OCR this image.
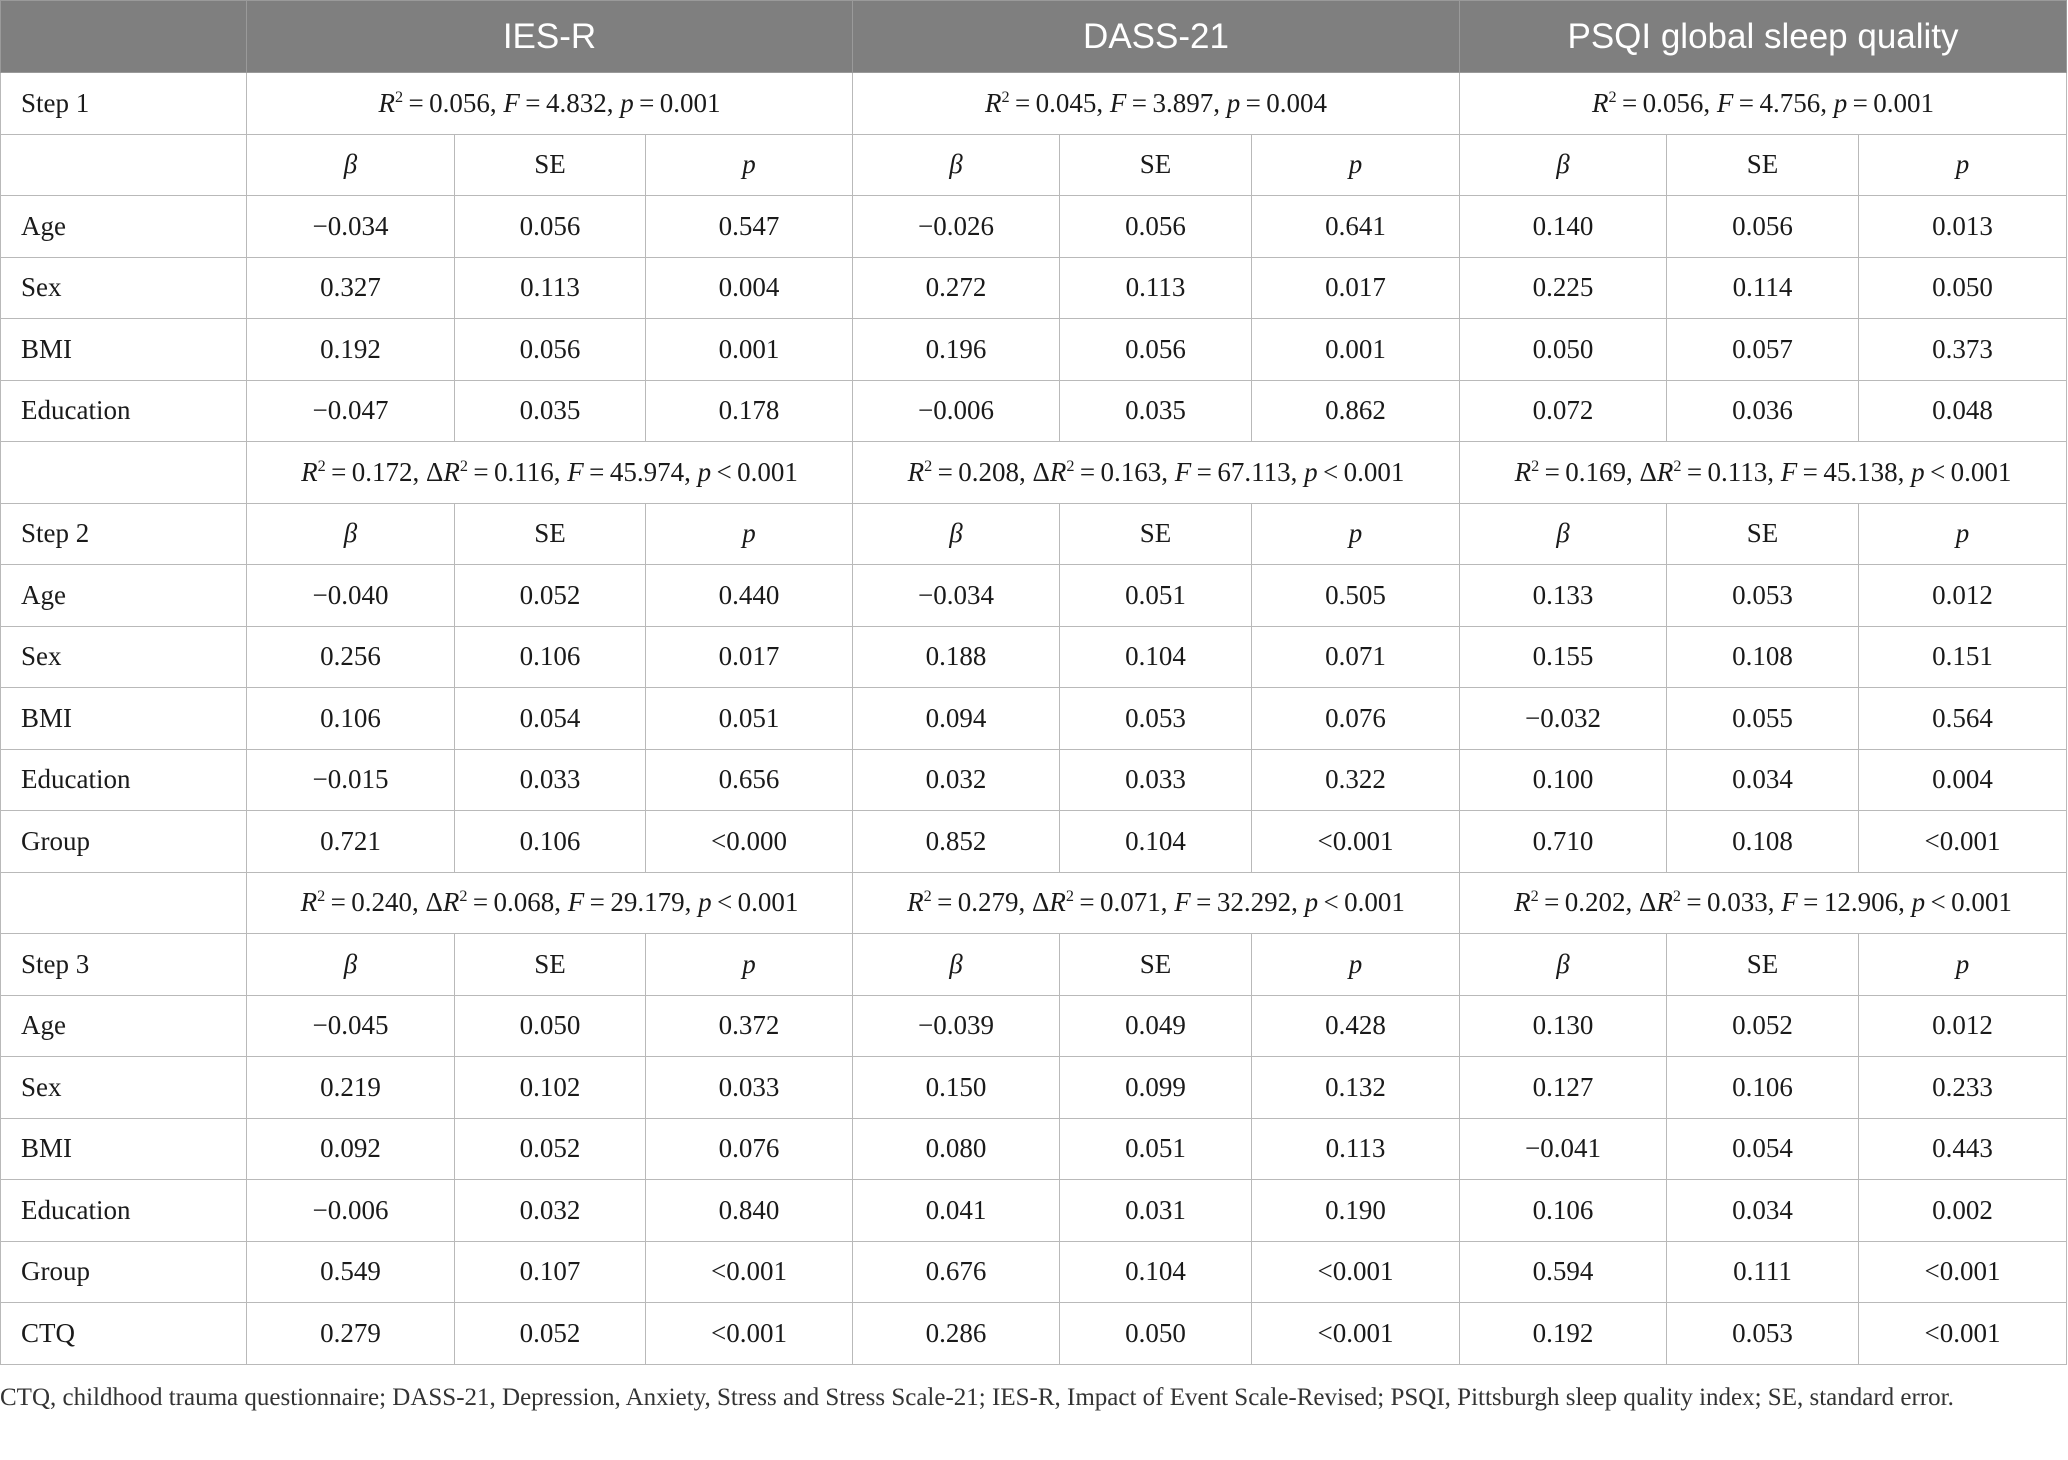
	IES-R			DASS-21			PSQI global sleep quality		
Step 1	$R^2 = 0.056$, F = 4.832, p  =  0.001			$R^2 = 0.045$, F = 3.897, p  =  0.004			$R^2 = 0.056$, F = 4.756, p  =  0.001		
	β	SE	p	β	SE	p	β	SE	p
Age	−0.034	0.056	0.547	−0.026	0.056	0.641	0.140	0.056	0.013
Sex	0.327	0.113	0.004	0.272	0.113	0.017	0.225	0.114	0.050
BMI	0.192	0.056	0.001	0.196	0.056	0.001	0.050	0.057	0.373
Education	−0.047	0.035	0.178	−0.006	0.035	0.862	0.072	0.036	0.048
	$R^2 = 0.172$, $\Delta R^2 = 0.116$, F = 45.974, p  <  0.001			$R^2 = 0.208$, $\Delta R^2 = 0.163$, F = 67.113, p  <  0.001			$R^2 = 0.169$, $\Delta R^2 = 0.113$, F = 45.138, p  <  0.001		
Step 2	β	SE	p	β	SE	p	β	SE	p
Age	−0.040	0.052	0.440	−0.034	0.051	0.505	0.133	0.053	0.012
Sex	0.256	0.106	0.017	0.188	0.104	0.071	0.155	0.108	0.151
BMI	0.106	0.054	0.051	0.094	0.053	0.076	−0.032	0.055	0.564
Education	−0.015	0.033	0.656	0.032	0.033	0.322	0.100	0.034	0.004
Group	0.721	0.106	<0.000	0.852	0.104	<0.001	0.710	0.108	<0.001
	$R^2 = 0.240$, $\Delta R^2 = 0.068$, F = 29.179, p  <  0.001			$R^2 = 0.279$, $\Delta R^2 = 0.071$, F = 32.292, p  <  0.001			$R^2 = 0.202$, $\Delta R^2 = 0.033$, F = 12.906, p  <  0.001		
Step 3	β	SE	p	β	SE	p	β	SE	p
Age	−0.045	0.050	0.372	−0.039	0.049	0.428	0.130	0.052	0.012
Sex	0.219	0.102	0.033	0.150	0.099	0.132	0.127	0.106	0.233
BMI	0.092	0.052	0.076	0.080	0.051	0.113	−0.041	0.054	0.443
Education	−0.006	0.032	0.840	0.041	0.031	0.190	0.106	0.034	0.002
Group	0.549	0.107	<0.001	0.676	0.104	<0.001	0.594	0.111	<0.001
CTQ	0.279	0.052	<0.001	0.286	0.050	<0.001	0.192	0.053	<0.001
CTQ, childhood trauma questionnaire; DASS-21, Depression, Anxiety, Stress and Stress Scale-21; IES-R, Impact of Event Scale-Revised; PSQI, Pittsburgh sleep quality index; SE, standard error.
